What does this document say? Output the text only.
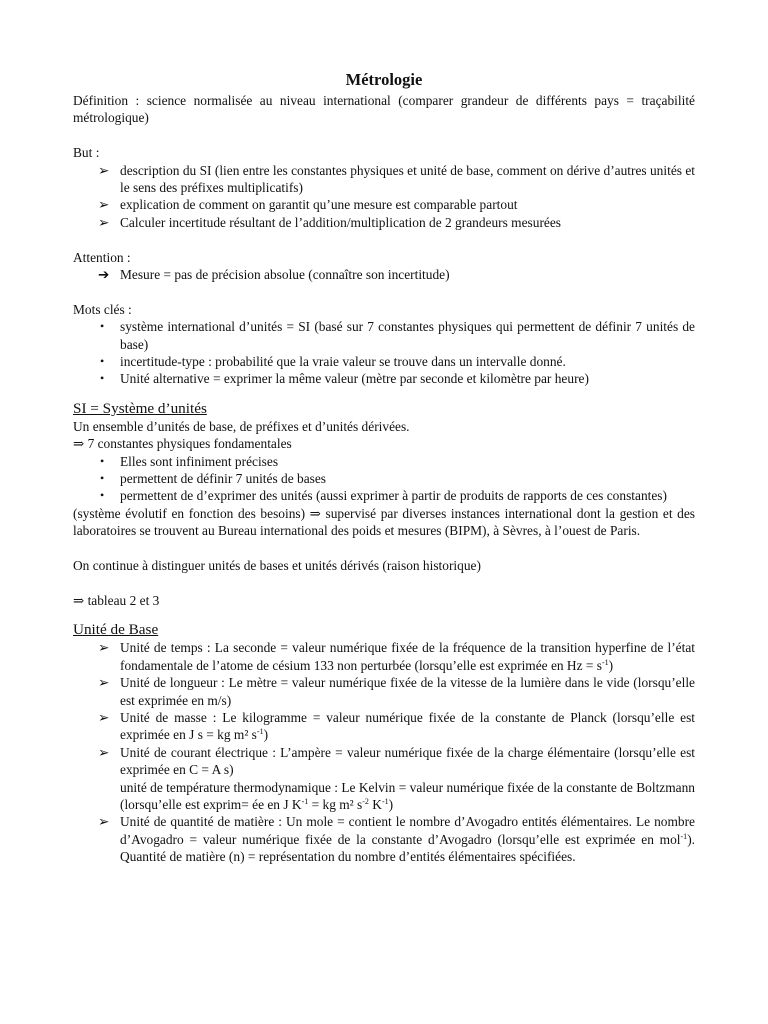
Métrologie

Définition : science normalisée au niveau international (comparer grandeur de différents pays = traçabilité métrologique)

But :

➢ description du SI (lien entre les constantes physiques et unité de base, comment on dérive d’autres unités et le sens des préfixes multiplicatifs)
➢ explication de comment on garantit qu’une mesure est comparable partout
➢ Calculer incertitude résultant de l’addition/multiplication de 2 grandeurs mesurées

Attention :

➔ Mesure = pas de précision absolue (connaître son incertitude)

Mots clés :

•	système international d’unités = SI (basé sur 7 constantes physiques qui permettent de définir 7 unités de base)
•	incertitude-type : probabilité que la vraie valeur se trouve dans un intervalle donné.
•	Unité alternative = exprimer la même valeur (mètre par seconde et kilomètre par heure)

SI = Système d’unités

Un ensemble d’unités de base, de préfixes et d’unités dérivées.

⇒ 7 constantes physiques fondamentales

•	Elles sont infiniment précises
•	permettent de définir 7 unités de bases
•	permettent de d’exprimer des unités (aussi exprimer à partir de produits de rapports de ces constantes)

(système évolutif en fonction des besoins) ⇒ supervisé par diverses instances international dont la gestion et des laboratoires se trouvent au Bureau international des poids et mesures (BIPM), à Sèvres, à l’ouest de Paris.

On continue à distinguer unités de bases et unités dérivés (raison historique)

⇒ tableau 2 et 3

Unité de Base

➢ Unité de temps : La seconde = valeur numérique fixée de la fréquence de la transition hyperfine de l’état fondamentale de l’atome de césium 133 non perturbée (lorsqu’elle est exprimée en $Hz = s^{-1}$)
➢ Unité de longueur : Le mètre = valeur numérique fixée de la vitesse de la lumière dans le vide (lorsqu’elle est exprimée en m/s)
➢ Unité de masse : Le kilogramme = valeur numérique fixée de la constante de Planck (lorsqu’elle est exprimée en J s = kg m² $s^{-1}$)
➢ Unité de courant électrique : L’ampère = valeur numérique fixée de la charge élémentaire (lorsqu’elle est exprimée en C = A s)

unité de température thermodynamique : Le Kelvin = valeur numérique fixée de la constante de Boltzmann (lorsqu’elle est exprim= ée en J $K^{-1}$ = kg m² $s^{-2}$ $K^{-1}$)

➢ Unité de quantité de matière : Un mole = contient le nombre d’Avogadro entités élémentaires. Le nombre d’Avogadro = valeur numérique fixée de la constante d’Avogadro (lorsqu’elle est exprimée en mol$^{-1}$). Quantité de matière (n) = représentation du nombre d’entités élémentaires spécifiées.
